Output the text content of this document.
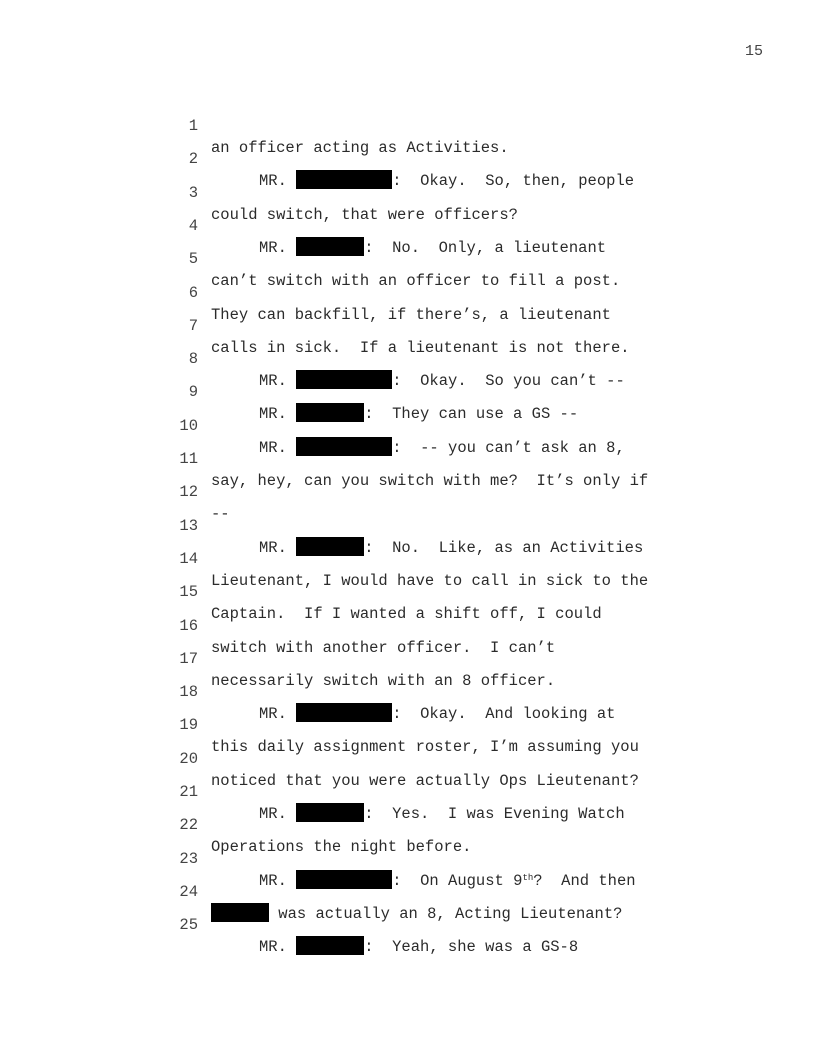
15

1

an officer acting as Activities.

2

MR.	:  Okay.  So, then, people

3

could switch, that were officers?

4

MR.	:  No.  Only, a lieutenant

5

can’t switch with an officer to fill a post.

6

They can backfill, if there’s, a lieutenant

7

calls in sick.  If a lieutenant is not there.

8

MR.	:  Okay.  So you can’t --

9

MR.	:  They can use a GS --

10

MR.	:  -- you can’t ask an 8,

11

say, hey, can you switch with me?  It’s only if

12

--

13

MR.	:  No.  Like, as an Activities

14

Lieutenant, I would have to call in sick to the

15

Captain.  If I wanted a shift off, I could

16

switch with another officer.  I can’t

17

necessarily switch with an 8 officer.

18

MR.	:  Okay.  And looking at

19

this daily assignment roster, I’m assuming you

20

noticed that you were actually Ops Lieutenant?

21

MR.	:  Yes.  I was Evening Watch

22

Operations the night before.

23

MR.	:  On August 9th?  And then

24

was actually an 8, Acting Lieutenant?

25

MR.	:  Yeah, she was a GS-8
